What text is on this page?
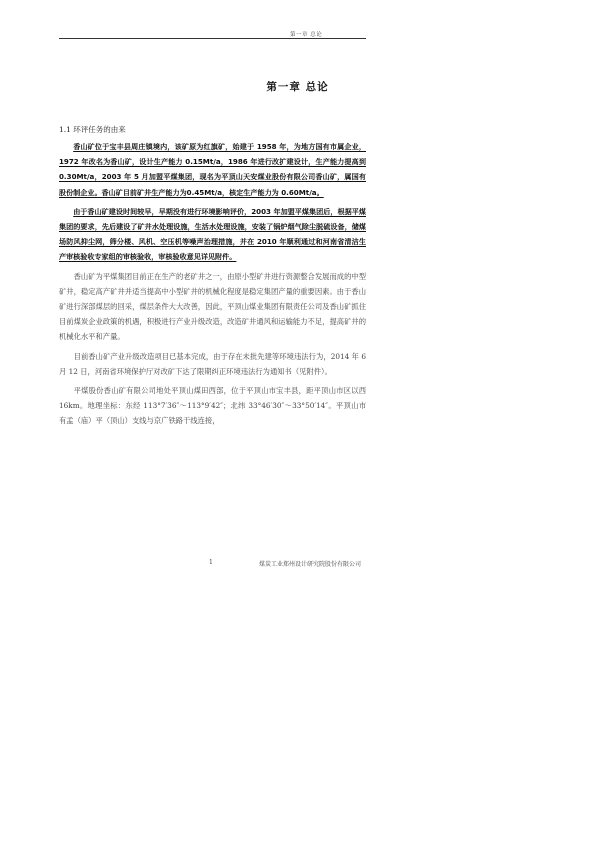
第一章 总论
第一章 总论
1.1 环评任务的由来

香山矿位于宝丰县周庄镇境内，该矿原为红旗矿，始建于 1958 年，为地方国有市属企业，1972 年改名为香山矿，设计生产能力 0.15Mt/a，1986 年进行改扩建设计，生产能力提高到 0.30Mt/a，2003 年 5 月加盟平煤集团，现名为平顶山天安煤业股份有限公司香山矿，属国有股份制企业。香山矿目前矿井生产能力为0.45Mt/a，核定生产能力为 0.60Mt/a。

由于香山矿建设时间较早，早期没有进行环境影响评价，2003 年加盟平煤集团后，根据平煤集团的要求，先后建设了矿井水处理设施，生活水处理设施，安装了锅炉烟气除尘脱硫设备，储煤场防风抑尘网，筛分楼、风机、空压机等噪声治理措施，并在 2010 年顺利通过和河南省清洁生产审核验收专家组的审核验收，审核验收意见详见附件。

香山矿为平煤集团目前正在生产的老矿井之一，由原小型矿井进行资源整合发展而成的中型矿井，稳定高产矿井并适当提高中小型矿井的机械化程度是稳定集团产量的重要因素。由于香山矿进行深部煤层的回采，煤层条件大大改善，因此，平顶山煤业集团有限责任公司及香山矿抓住目前煤炭企业政策的机遇，积极进行产业升级改造，改造矿井通风和运输能力不足，提高矿井的机械化水平和产量。

目前香山矿产业升级改造项目已基本完成，由于存在未批先建等环境违法行为，2014 年 6 月 12 日，河南省环境保护厅对改矿下达了限期纠正环境违法行为通知书（见附件）。

平煤股份香山矿有限公司地处平顶山煤田西部，位于平顶山市宝丰县，距平顶山市区以西 16km。地理坐标：东经 113°7′36″～113°9′42″；北纬 33°46′30″～33°50′14″。平顶山市有孟（庙）平（顶山）支线与京广铁路干线连接，

1	煤炭工业郑州设计研究院股份有限公司
